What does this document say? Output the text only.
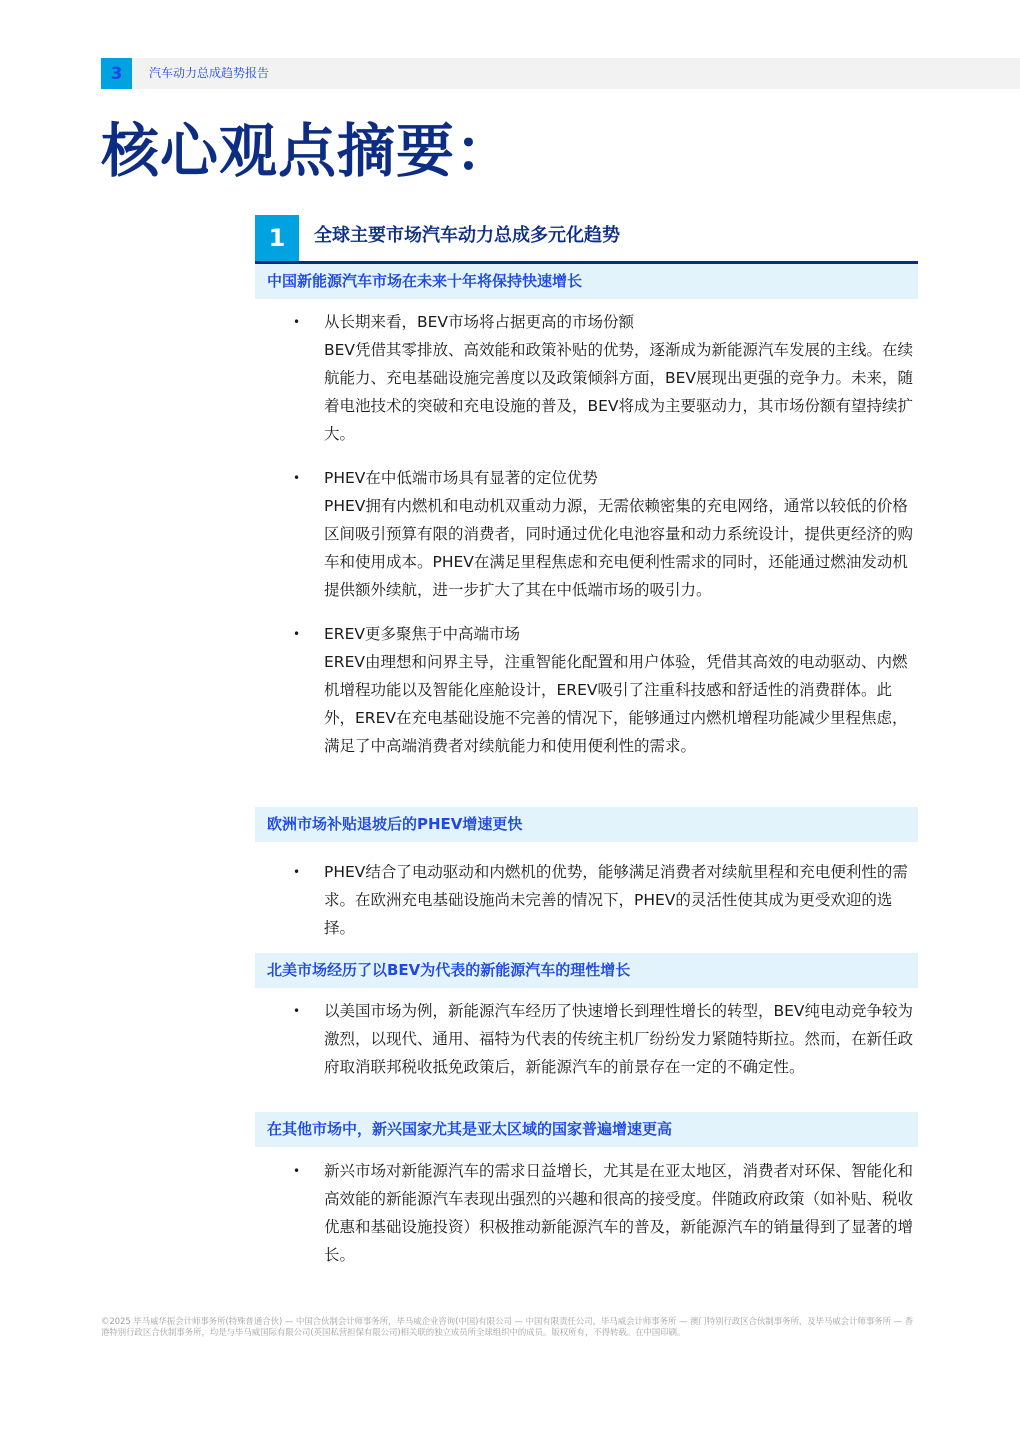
3	汽车动力总成趋势报告
核心观点摘要：
1	全球主要市场汽车动力总成多元化趋势
中国新能源汽车市场在未来十年将保持快速增长
•	从长期来看，BEV市场将占据更高的市场份额

BEV凭借其零排放、高效能和政策补贴的优势，逐渐成为新能源汽车发展的主线。在续航能力、充电基础设施完善度以及政策倾斜方面，BEV展现出更强的竞争力。未来，随着电池技术的突破和充电设施的普及，BEV将成为主要驱动力，其市场份额有望持续扩大。

•	PHEV在中低端市场具有显著的定位优势

PHEV拥有内燃机和电动机双重动力源，无需依赖密集的充电网络，通常以较低的价格区间吸引预算有限的消费者，同时通过优化电池容量和动力系统设计，提供更经济的购车和使用成本。PHEV在满足里程焦虑和充电便利性需求的同时，还能通过燃油发动机提供额外续航，进一步扩大了其在中低端市场的吸引力。

•	EREV更多聚焦于中高端市场

EREV由理想和问界主导，注重智能化配置和用户体验，凭借其高效的电动驱动、内燃机增程功能以及智能化座舱设计，EREV吸引了注重科技感和舒适性的消费群体。此外，EREV在充电基础设施不完善的情况下，能够通过内燃机增程功能减少里程焦虑，满足了中高端消费者对续航能力和使用便利性的需求。

欧洲市场补贴退坡后的PHEV增速更快
•	PHEV结合了电动驱动和内燃机的优势，能够满足消费者对续航里程和充电便利性的需求。在欧洲充电基础设施尚未完善的情况下，PHEV的灵活性使其成为更受欢迎的选择。

北美市场经历了以BEV为代表的新能源汽车的理性增长
•	以美国市场为例，新能源汽车经历了快速增长到理性增长的转型，BEV纯电动竞争较为激烈，以现代、通用、福特为代表的传统主机厂纷纷发力紧随特斯拉。然而，在新任政府取消联邦税收抵免政策后，新能源汽车的前景存在一定的不确定性。

在其他市场中，新兴国家尤其是亚太区域的国家普遍增速更高
•	新兴市场对新能源汽车的需求日益增长，尤其是在亚太地区，消费者对环保、智能化和高效能的新能源汽车表现出强烈的兴趣和很高的接受度。伴随政府政策（如补贴、税收优惠和基础设施投资）积极推动新能源汽车的普及，新能源汽车的销量得到了显著的增长。

©2025 毕马威华振会计师事务所(特殊普通合伙) — 中国合伙制会计师事务所，毕马威企业咨询(中国)有限公司 — 中国有限责任公司，毕马威会计师事务所 — 澳门特别行政区合伙制事务所，及毕马威会计师事务所 — 香港特别行政区合伙制事务所，均是与毕马威国际有限公司(英国私营担保有限公司)相关联的独立成员所全球组织中的成员。版权所有，不得转载。在中国印刷。
